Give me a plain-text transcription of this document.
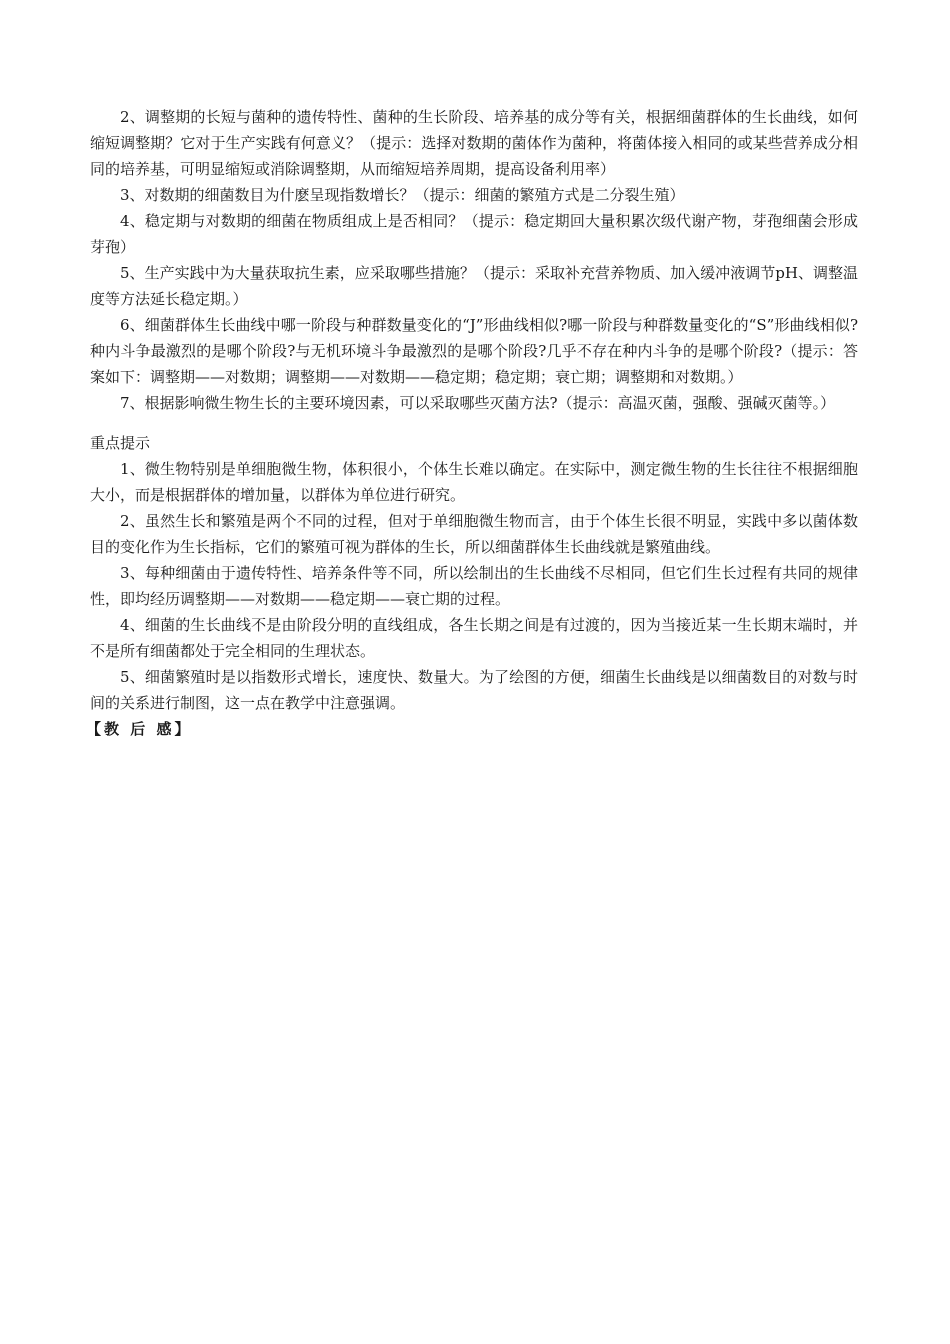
2、调整期的长短与菌种的遗传特性、菌种的生长阶段、培养基的成分等有关，根据细菌群体的生长曲线，如何缩短调整期？它对于生产实践有何意义？（提示：选择对数期的菌体作为菌种，将菌体接入相同的或某些营养成分相同的培养基，可明显缩短或消除调整期，从而缩短培养周期，提高设备利用率）

3、对数期的细菌数目为什麽呈现指数增长？（提示：细菌的繁殖方式是二分裂生殖）

4、稳定期与对数期的细菌在物质组成上是否相同？（提示：稳定期回大量积累次级代谢产物，芽孢细菌会形成芽孢）

5、生产实践中为大量获取抗生素，应采取哪些措施？（提示：采取补充营养物质、加入缓冲液调节pH、调整温度等方法延长稳定期。）

6、细菌群体生长曲线中哪一阶段与种群数量变化的“J”形曲线相似?哪一阶段与种群数量变化的“S”形曲线相似?种内斗争最激烈的是哪个阶段?与无机环境斗争最激烈的是哪个阶段?几乎不存在种内斗争的是哪个阶段?（提示：答案如下：调整期——对数期；调整期——对数期——稳定期；稳定期；衰亡期；调整期和对数期。）

7、根据影响微生物生长的主要环境因素，可以采取哪些灭菌方法?（提示：高温灭菌，强酸、强碱灭菌等。）

重点提示

1、微生物特别是单细胞微生物，体积很小，个体生长难以确定。在实际中，测定微生物的生长往往不根据细胞大小，而是根据群体的增加量，以群体为单位进行研究。

2、虽然生长和繁殖是两个不同的过程，但对于单细胞微生物而言，由于个体生长很不明显，实践中多以菌体数目的变化作为生长指标，它们的繁殖可视为群体的生长，所以细菌群体生长曲线就是繁殖曲线。

3、每种细菌由于遗传特性、培养条件等不同，所以绘制出的生长曲线不尽相同，但它们生长过程有共同的规律性，即均经历调整期——对数期——稳定期——衰亡期的过程。

4、细菌的生长曲线不是由阶段分明的直线组成，各生长期之间是有过渡的，因为当接近某一生长期末端时，并不是所有细菌都处于完全相同的生理状态。

5、细菌繁殖时是以指数形式增长，速度快、数量大。为了绘图的方便，细菌生长曲线是以细菌数目的对数与时间的关系进行制图，这一点在教学中注意强调。

【教 后 感】
